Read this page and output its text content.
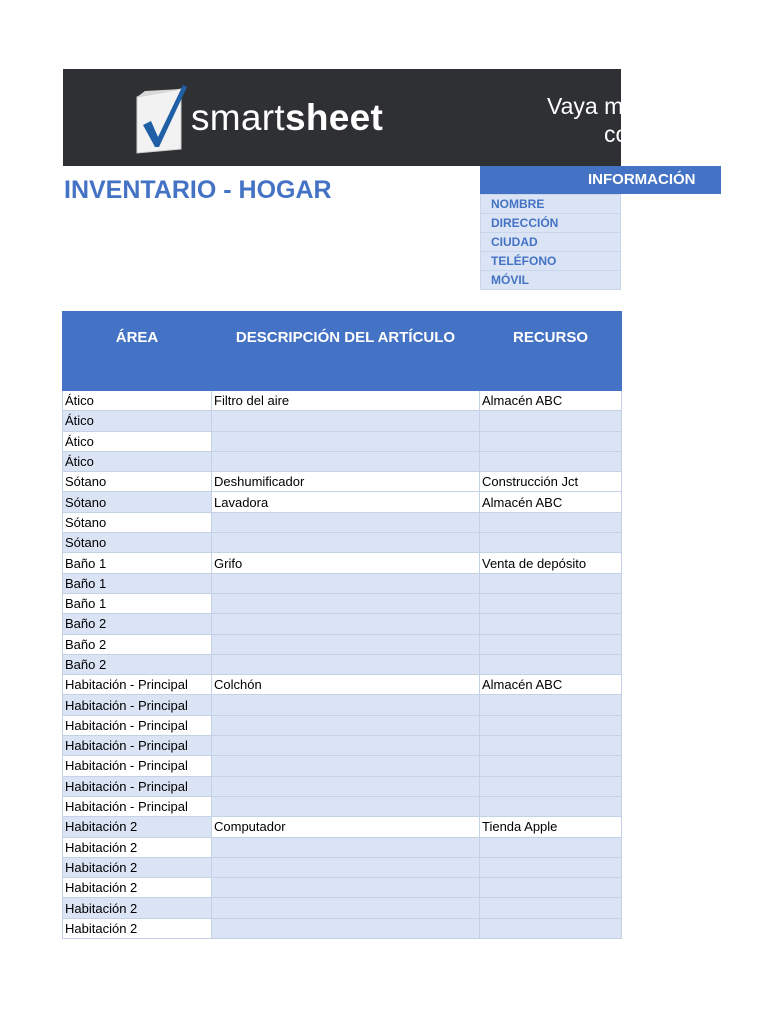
smartsheet	Vaya más allá
co
INVENTARIO - HOGAR	INFORMACIÓN
NOMBRE
DIRECCIÓN
CIUDAD
TELÉFONO
MÓVIL
ÁREA	DESCRIPCIÓN DEL ARTÍCULO	RECURSO
Ático	Filtro del aire	Almacén ABC
Ático		
Ático		
Ático		
Sótano	Deshumificador	Construcción Jct
Sótano	Lavadora	Almacén ABC
Sótano		
Sótano		
Baño 1	Grifo	Venta de depósito
Baño 1		
Baño 1		
Baño 2		
Baño 2		
Baño 2		
Habitación - Principal	Colchón	Almacén ABC
Habitación - Principal		
Habitación - Principal		
Habitación - Principal		
Habitación - Principal		
Habitación - Principal		
Habitación - Principal		
Habitación 2	Computador	Tienda Apple
Habitación 2		
Habitación 2		
Habitación 2		
Habitación 2		
Habitación 2		
